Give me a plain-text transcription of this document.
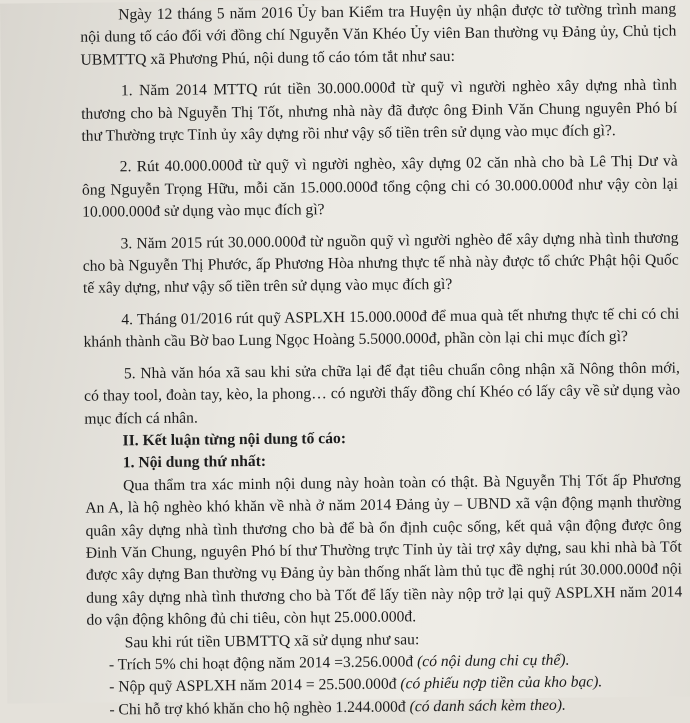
Ngày 12 tháng 5 năm 2016 Ủy ban Kiểm tra Huyện ủy nhận được tờ tường trình mang nội dung tố cáo đối với đồng chí Nguyễn Văn Khéo Ủy viên Ban thường vụ Đảng ủy, Chủ tịch UBMTTQ xã Phương Phú, nội dung tố cáo tóm tắt như sau:

1. Năm 2014 MTTQ rút tiền 30.000.000đ từ quỹ vì người nghèo xây dựng nhà tình thương cho bà Nguyễn Thị Tốt, nhưng nhà này đã được ông Đinh Văn Chung nguyên Phó bí thư Thường trực Tỉnh ủy xây dựng rồi như vậy số tiền trên sử dụng vào mục đích gì?.

2. Rút 40.000.000đ từ quỹ vì người nghèo, xây dựng 02 căn nhà cho bà Lê Thị Dư và ông Nguyễn Trọng Hữu, mỗi căn 15.000.000đ tổng cộng chi có 30.000.000đ như vậy còn lại 10.000.000đ sử dụng vào mục đích gì?

3. Năm 2015 rút 30.000.000đ từ nguồn quỹ vì người nghèo để xây dựng nhà tình thương cho bà Nguyễn Thị Phước, ấp Phương Hòa nhưng thực tế nhà này được tổ chức Phật hội Quốc tế xây dựng, như vậy số tiền trên sử dụng vào mục đích gì?

4. Tháng 01/2016 rút quỹ ASPLXH 15.000.000đ để mua quà tết nhưng thực tế chi có chi khánh thành cầu Bờ bao Lung Ngọc Hoàng 5.5000.000đ, phần còn lại chi mục đích gì?

5. Nhà văn hóa xã sau khi sửa chữa lại để đạt tiêu chuẩn công nhận xã Nông thôn mới, có thay tool, đoàn tay, kèo, la phong… có người thấy đồng chí Khéo có lấy cây về sử dụng vào mục đích cá nhân.

II. Kết luận từng nội dung tố cáo:

1. Nội dung thứ nhất:

Qua thẩm tra xác minh nội dung này hoàn toàn có thật. Bà Nguyễn Thị Tốt ấp Phương An A, là hộ nghèo khó khăn về nhà ở năm 2014 Đảng ủy – UBND xã vận động mạnh thường quân xây dựng nhà tình thương cho bà để bà ổn định cuộc sống, kết quả vận động được ông Đinh Văn Chung, nguyên Phó bí thư Thường trực Tỉnh ủy tài trợ xây dựng, sau khi nhà bà Tốt được xây dựng Ban thường vụ Đảng ủy bàn thống nhất làm thủ tục đề nghị rút 30.000.000đ nội dung xây dựng nhà tình thương cho bà Tốt để lấy tiền này nộp trở lại quỹ ASPLXH năm 2014 do vận động không đủ chi tiêu, còn hụt 25.000.000đ.

Sau khi rút tiền UBMTTQ xã sử dụng như sau:

- Trích 5% chi hoạt động năm 2014 =3.256.000đ (có nội dung chi cụ thể).

- Nộp quỹ ASPLXH năm 2014 = 25.500.000đ (có phiếu nợp tiền của kho bạc).

- Chi hỗ trợ khó khăn cho hộ nghèo 1.244.000đ (có danh sách kèm theo).
